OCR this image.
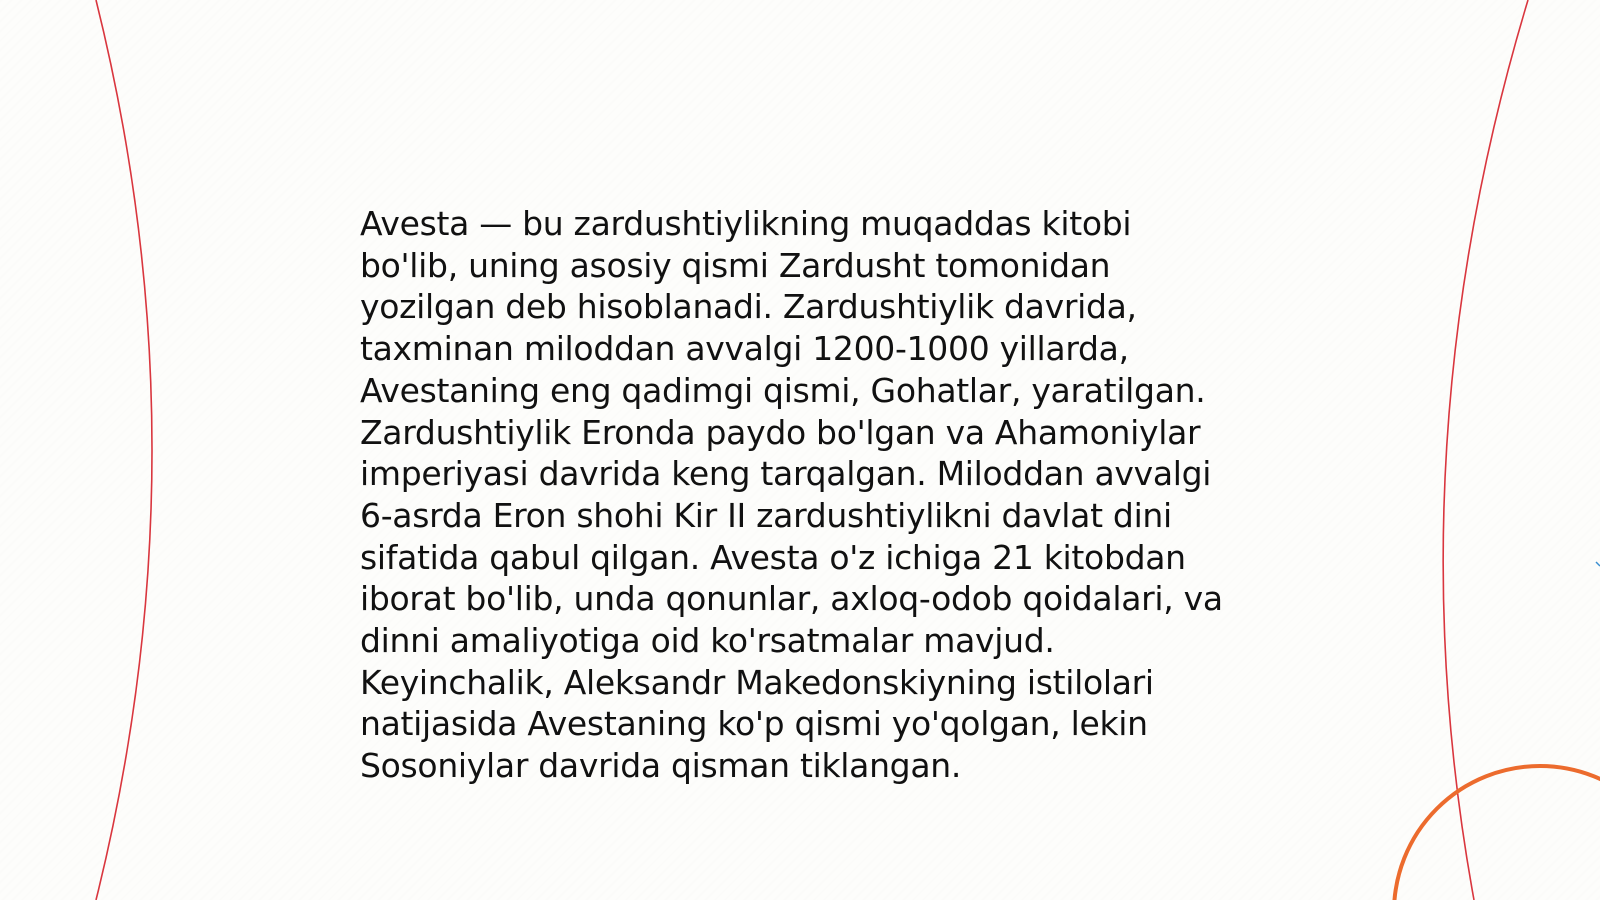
Avesta — bu zardushtiylikning muqaddas kitobi
bo'lib, uning asosiy qismi Zardusht tomonidan
yozilgan deb hisoblanadi. Zardushtiylik davrida,
taxminan miloddan avvalgi 1200-1000 yillarda,
Avestaning eng qadimgi qismi, Gohatlar, yaratilgan.
Zardushtiylik Eronda paydo bo'lgan va Ahamoniylar
imperiyasi davrida keng tarqalgan. Miloddan avvalgi
6-asrda Eron shohi Kir II zardushtiylikni davlat dini
sifatida qabul qilgan. Avesta o'z ichiga 21 kitobdan
iborat bo'lib, unda qonunlar, axloq-odob qoidalari, va
dinni amaliyotiga oid ko'rsatmalar mavjud.
Keyinchalik, Aleksandr Makedonskiyning istilolari
natijasida Avestaning ko'p qismi yo'qolgan, lekin
Sosoniylar davrida qisman tiklangan.
